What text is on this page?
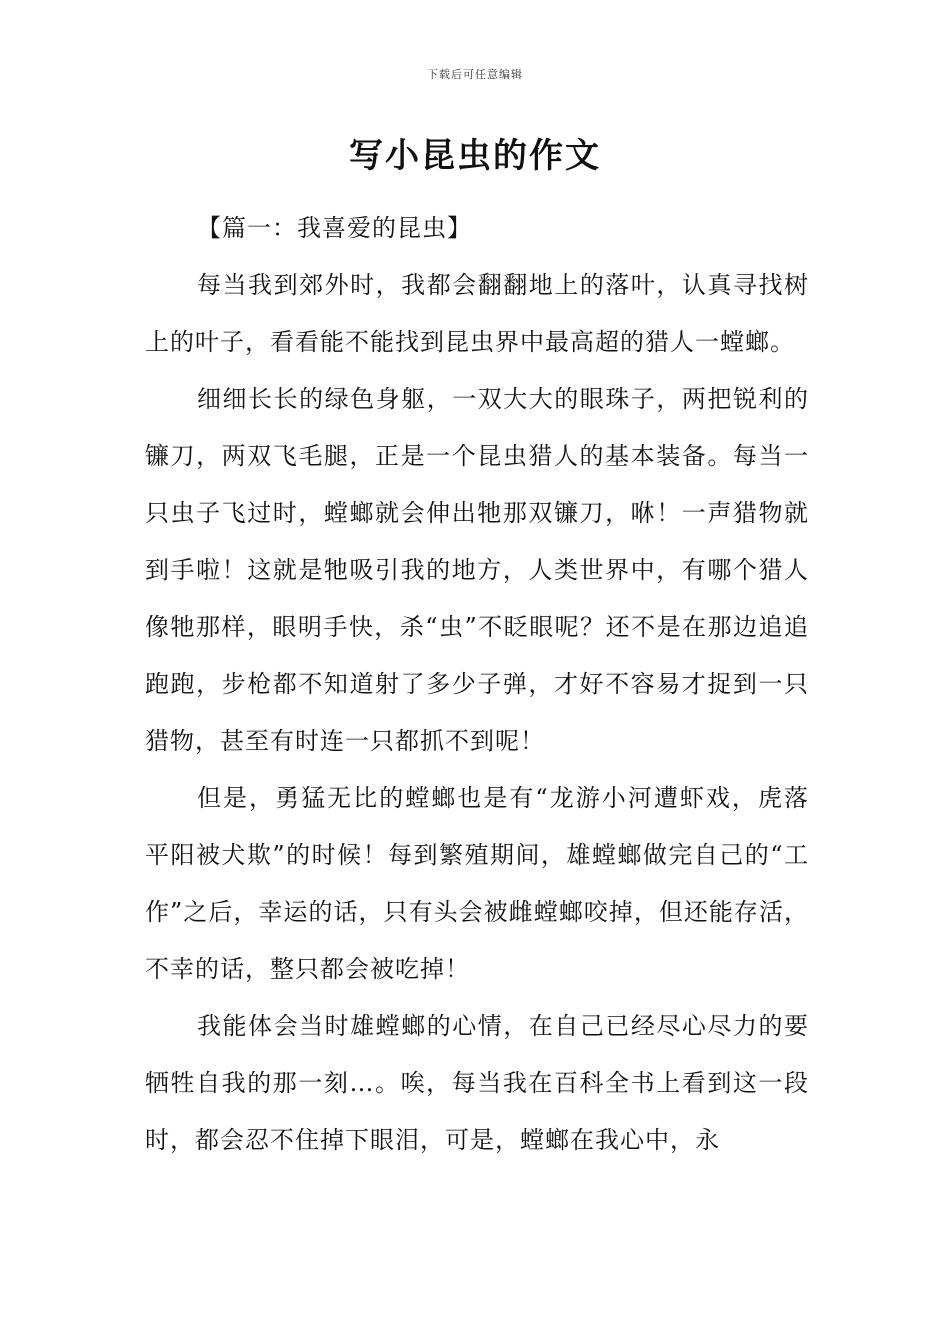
下载后可任意编辑
写小昆虫的作文

【篇一：我喜爱的昆虫】

每当我到郊外时，我都会翻翻地上的落叶，认真寻找树上的叶子，看看能不能找到昆虫界中最高超的猎人一螳螂。

细细长长的绿色身躯，一双大大的眼珠子，两把锐利的镰刀，两双飞毛腿，正是一个昆虫猎人的基本装备。每当一只虫子飞过时，螳螂就会伸出牠那双镰刀，咻！一声猎物就到手啦！这就是牠吸引我的地方，人类世界中，有哪个猎人像牠那样，眼明手快，杀“虫”不眨眼呢？还不是在那边追追跑跑，步枪都不知道射了多少子弹，才好不容易才捉到一只猎物，甚至有时连一只都抓不到呢！

但是，勇猛无比的螳螂也是有“龙游小河遭虾戏，虎落平阳被犬欺”的时候！每到繁殖期间，雄螳螂做完自己的“工作”之后，幸运的话，只有头会被雌螳螂咬掉，但还能存活，不幸的话，整只都会被吃掉！

我能体会当时雄螳螂的心情，在自己已经尽心尽力的要牺牲自我的那一刻…。唉，每当我在百科全书上看到这一段时，都会忍不住掉下眼泪，可是，螳螂在我心中，永
